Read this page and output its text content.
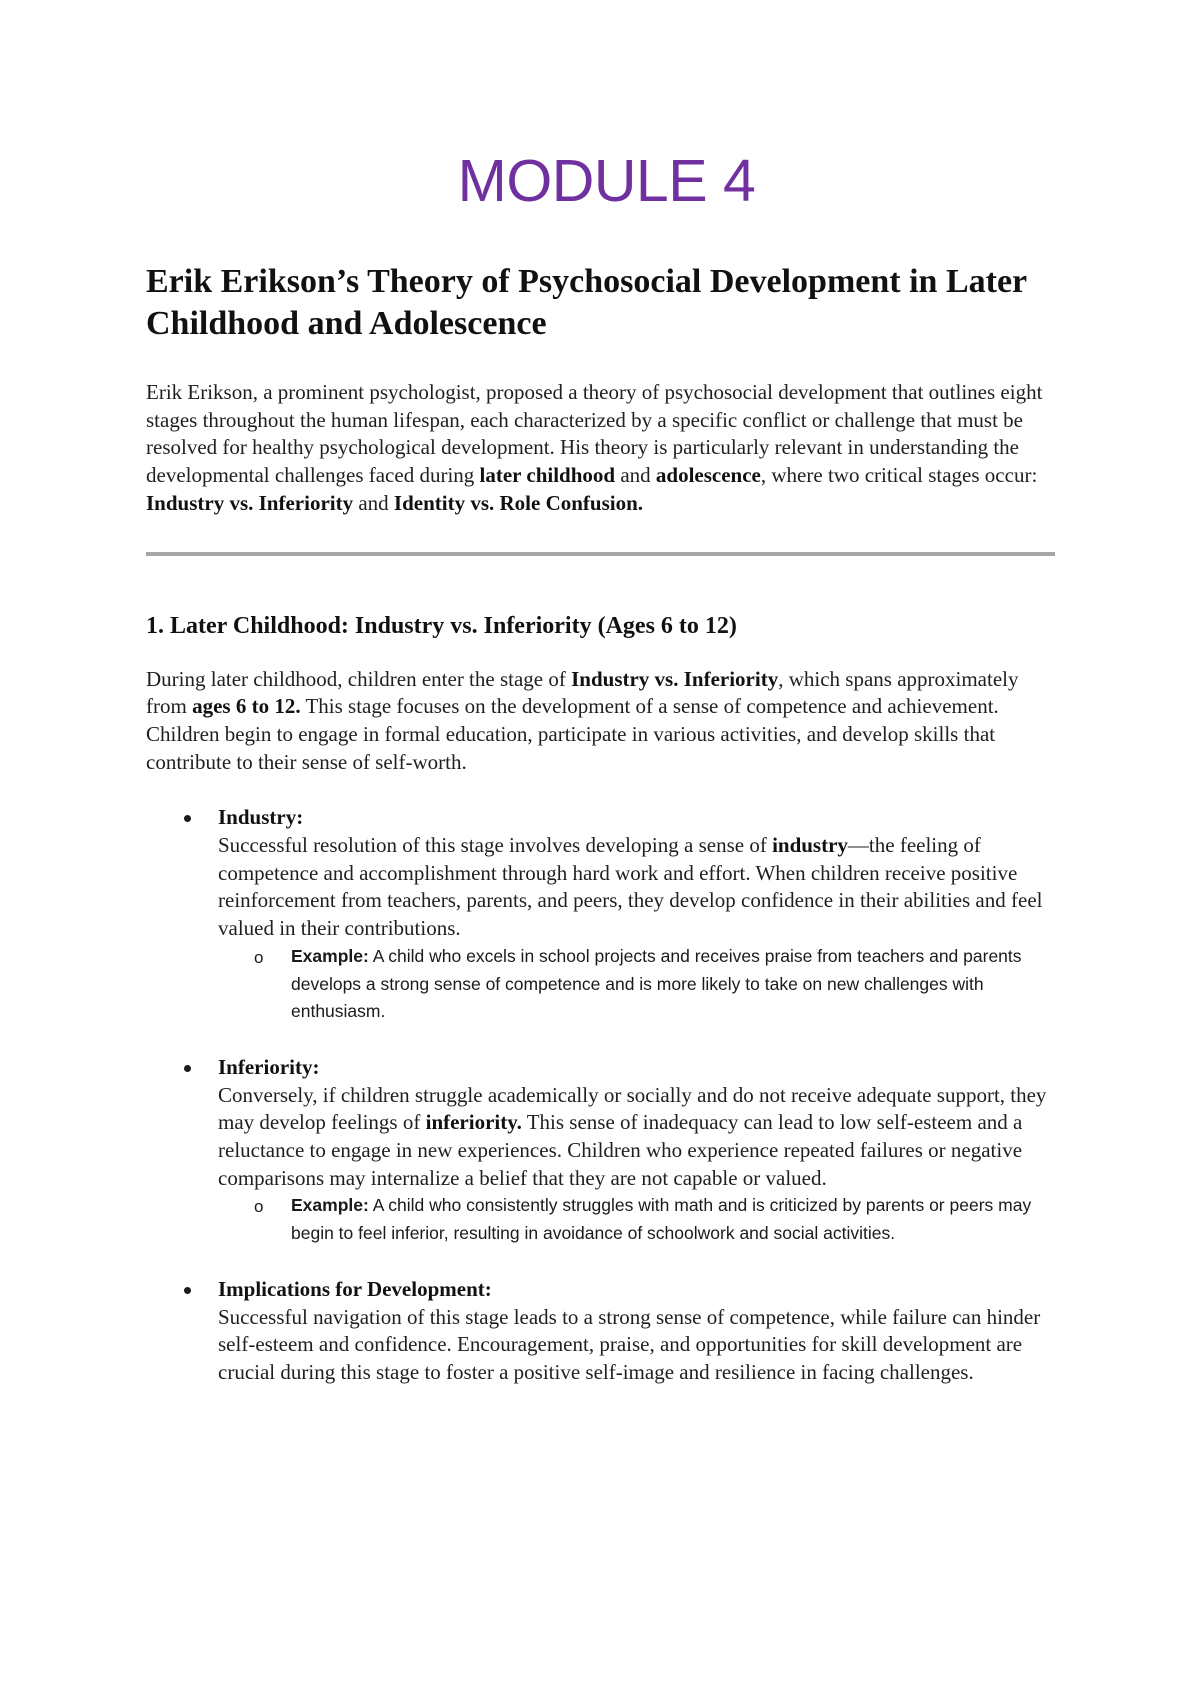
MODULE 4
Erik Erikson’s Theory of Psychosocial Development in Later Childhood and Adolescence

Erik Erikson, a prominent psychologist, proposed a theory of psychosocial development that outlines eight stages throughout the human lifespan, each characterized by a specific conflict or challenge that must be resolved for healthy psychological development. His theory is particularly relevant in understanding the developmental challenges faced during later childhood and adolescence, where two critical stages occur: Industry vs. Inferiority and Identity vs. Role Confusion.

1. Later Childhood: Industry vs. Inferiority (Ages 6 to 12)

During later childhood, children enter the stage of Industry vs. Inferiority, which spans approximately from ages 6 to 12. This stage focuses on the development of a sense of competence and achievement. Children begin to engage in formal education, participate in various activities, and develop skills that contribute to their sense of self-worth.

Industry:
Successful resolution of this stage involves developing a sense of industry—the feeling of competence and accomplishment through hard work and effort. When children receive positive reinforcement from teachers, parents, and peers, they develop confidence in their abilities and feel valued in their contributions.
o Example: A child who excels in school projects and receives praise from teachers and parents develops a strong sense of competence and is more likely to take on new challenges with enthusiasm.
Inferiority:
Conversely, if children struggle academically or socially and do not receive adequate support, they may develop feelings of inferiority. This sense of inadequacy can lead to low self-esteem and a reluctance to engage in new experiences. Children who experience repeated failures or negative comparisons may internalize a belief that they are not capable or valued.
o Example: A child who consistently struggles with math and is criticized by parents or peers may begin to feel inferior, resulting in avoidance of schoolwork and social activities.
Implications for Development:
Successful navigation of this stage leads to a strong sense of competence, while failure can hinder self-esteem and confidence. Encouragement, praise, and opportunities for skill development are crucial during this stage to foster a positive self-image and resilience in facing challenges.
